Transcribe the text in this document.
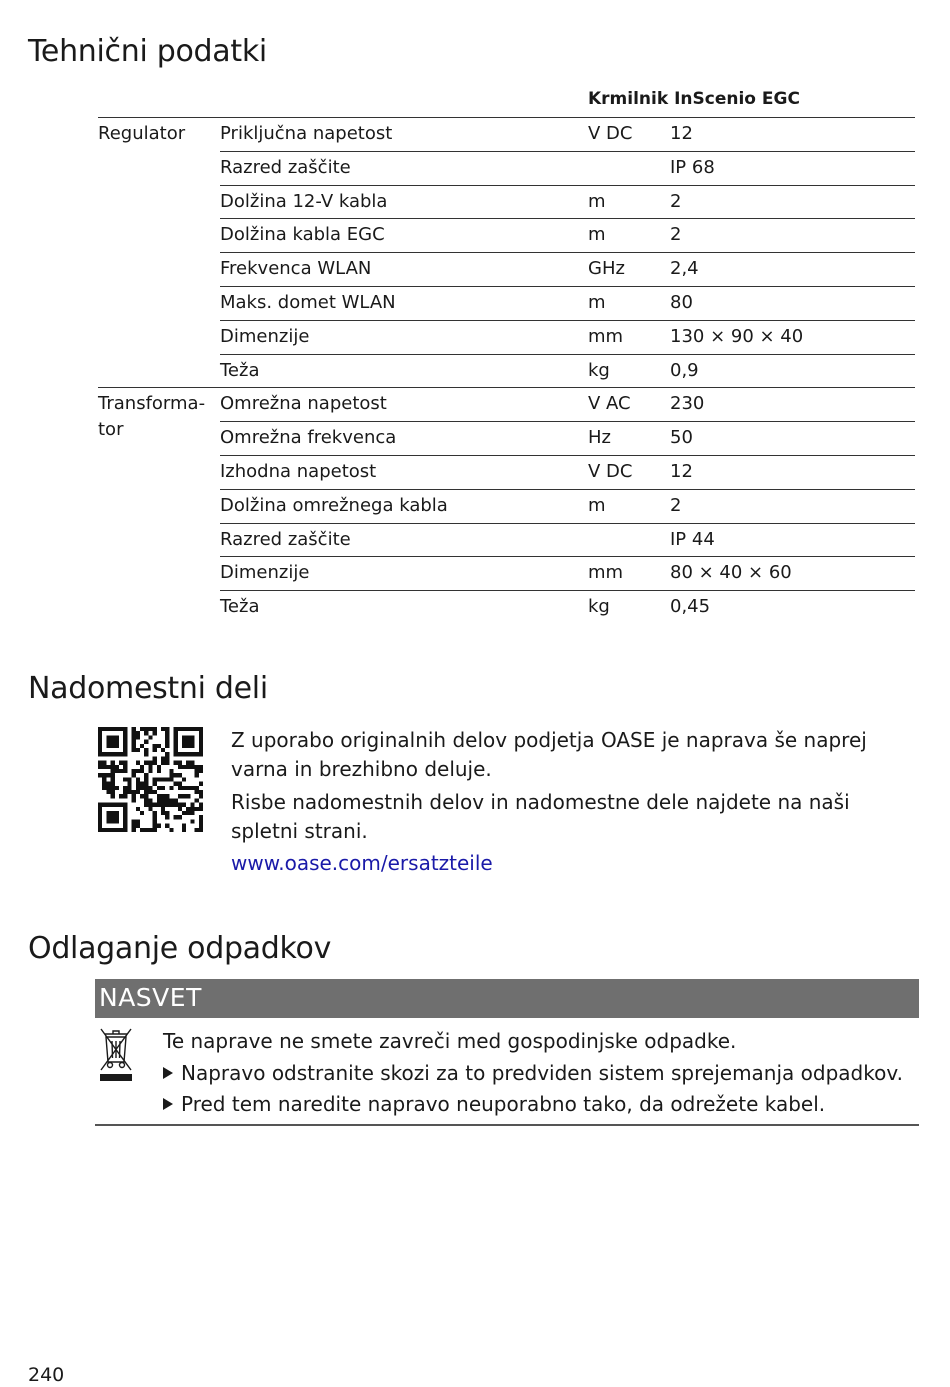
Tehnični podatki
Krmilnik InScenio EGC
Regulator	Priključna napetost	V DC 12
Razred zaščite	IP 68
Dolžina 12-V kabla	m	2
Dolžina kabla EGC	m	2
Frekvenca WLAN	GHz	2,4
Maks. domet WLAN	m	80
Dimenzije	mm	130 × 90 × 40
Teža	kg	0,9
Transforma-
tor
Omrežna napetost	V AC 230
Omrežna frekvenca	Hz	50
Izhodna napetost	V DC 12
Dolžina omrežnega kabla	m	2
Razred zaščite	IP 44
Dimenzije	mm	80 × 40 × 60
Teža	kg	0,45
Nadomestni deli

Z uporabo originalnih delov podjetja OASE je naprava še naprej varna in brezhibno deluje.

Risbe nadomestnih delov in nadomestne dele najdete na naši spletni strani.

www.oase.com/ersatzteile
Odlaganje odpadkov
NASVET
Te naprave ne smete zavreči med gospodinjske odpadke.
Napravo odstranite skozi za to predviden sistem sprejemanja odpadkov.
Pred tem naredite napravo neuporabno tako, da odrežete kabel.
240
